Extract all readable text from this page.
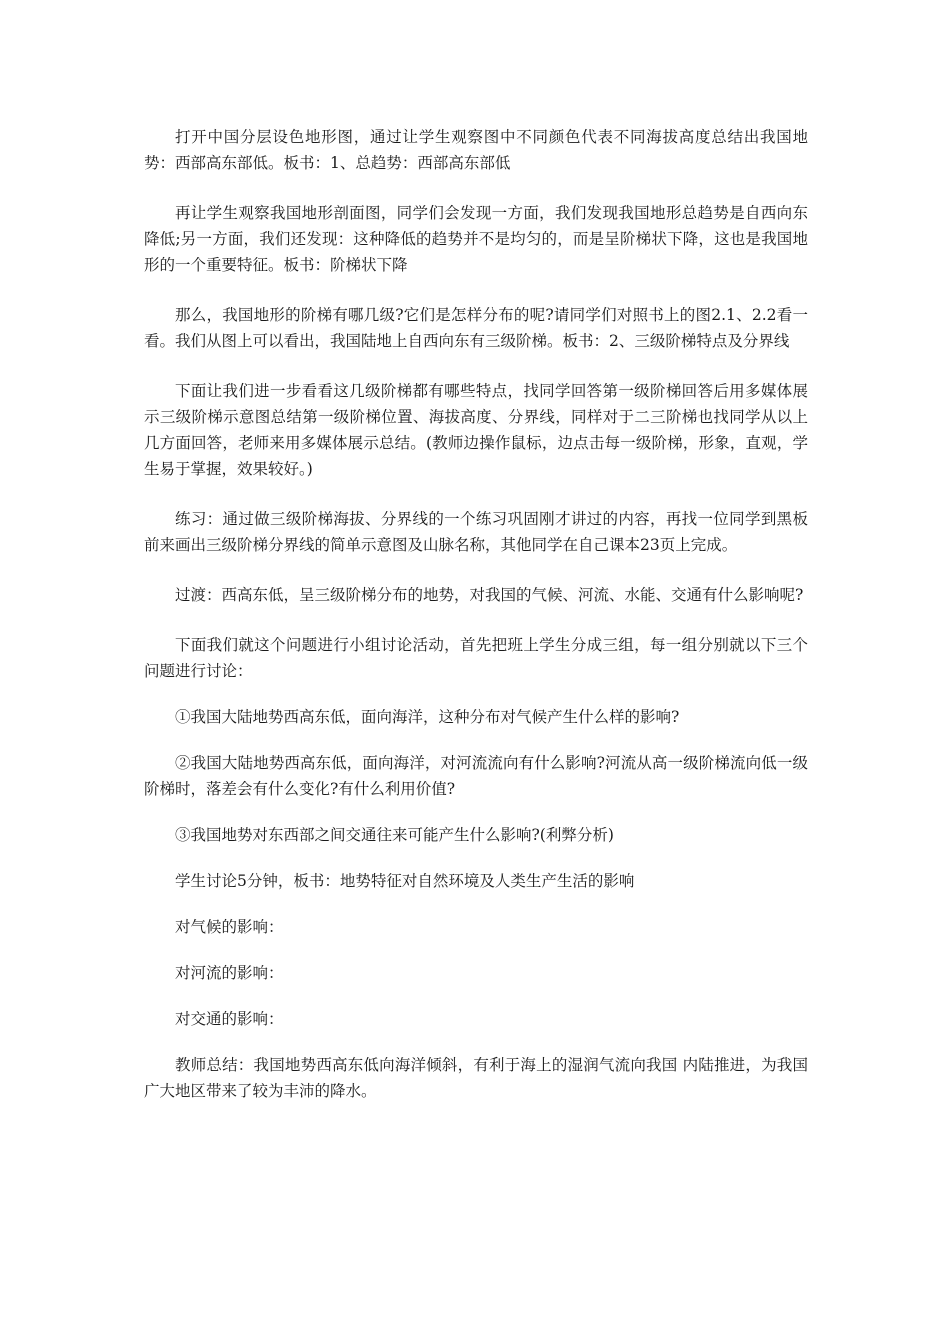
打开中国分层设色地形图，通过让学生观察图中不同颜色代表不同海拔高度总结出我国地势：西部高东部低。板书：1、总趋势：西部高东部低

再让学生观察我国地形剖面图，同学们会发现一方面，我们发现我国地形总趋势是自西向东降低;另一方面，我们还发现：这种降低的趋势并不是均匀的，而是呈阶梯状下降，这也是我国地形的一个重要特征。板书：阶梯状下降

那么，我国地形的阶梯有哪几级?它们是怎样分布的呢?请同学们对照书上的图2.1、2.2看一看。我们从图上可以看出，我国陆地上自西向东有三级阶梯。板书：2、三级阶梯特点及分界线

下面让我们进一步看看这几级阶梯都有哪些特点，找同学回答第一级阶梯回答后用多媒体展示三级阶梯示意图总结第一级阶梯位置、海拔高度、分界线，同样对于二三阶梯也找同学从以上几方面回答，老师来用多媒体展示总结。(教师边操作鼠标，边点击每一级阶梯，形象，直观，学生易于掌握，效果较好。)

练习：通过做三级阶梯海拔、分界线的一个练习巩固刚才讲过的内容，再找一位同学到黑板前来画出三级阶梯分界线的简单示意图及山脉名称，其他同学在自己课本23页上完成。

过渡：西高东低，呈三级阶梯分布的地势，对我国的气候、河流、水能、交通有什么影响呢?

下面我们就这个问题进行小组讨论活动，首先把班上学生分成三组，每一组分别就以下三个问题进行讨论：

①我国大陆地势西高东低，面向海洋，这种分布对气候产生什么样的影响?

②我国大陆地势西高东低，面向海洋，对河流流向有什么影响?河流从高一级阶梯流向低一级阶梯时，落差会有什么变化?有什么利用价值?

③我国地势对东西部之间交通往来可能产生什么影响?(利弊分析)

学生讨论5分钟，板书：地势特征对自然环境及人类生产生活的影响

对气候的影响：

对河流的影响：

对交通的影响：

教师总结：我国地势西高东低向海洋倾斜，有利于海上的湿润气流向我国 内陆推进，为我国广大地区带来了较为丰沛的降水。
